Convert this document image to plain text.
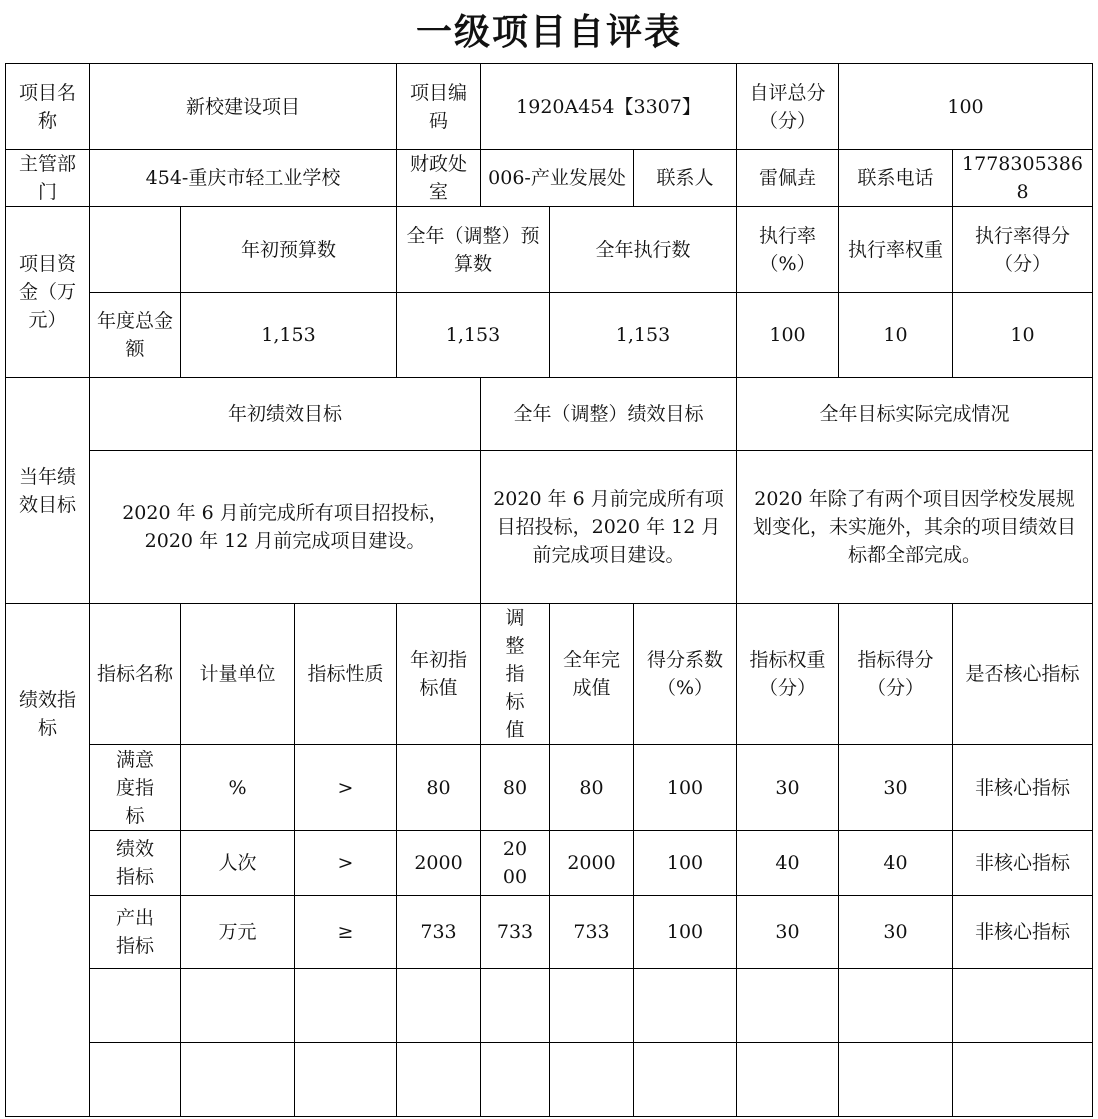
一级项目自评表
项目名称	新校建设项目			项目编码	1920A454【3307】			自评总分（分）	100	
主管部门	454-重庆市轻工业学校			财政处室	006-产业发展处		联系人	雷佩垚	联系电话	17783053868
项目资金（万元）		年初预算数		全年（调整）预算数		全年执行数		执行率（%）	执行率权重	执行率得分（分）
	年度总金额	1,153		1,153		1,153		100	10	10
当年绩效目标	年初绩效目标				全年（调整）绩效目标			全年目标实际完成情况		
	2020 年 6 月前完成所有项目招投标，2020 年 12 月前完成项目建设。				2020 年 6 月前完成所有项目招投标，2020 年 12 月前完成项目建设。			2020 年除了有两个项目因学校发展规划变化，未实施外，其余的项目绩效目标都全部完成。		
绩效指标	指标名称	计量单位	指标性质	年初指标值	调整指标值	全年完成值	得分系数（%）	指标权重（分）	指标得分（分）	是否核心指标
	满意度指标	%	>	80	80	80	100	30	30	非核心指标
	绩效指标	人次	>	2000	2000	2000	100	40	40	非核心指标
	产出指标	万元	≥	733	733	733	100	30	30	非核心指标
